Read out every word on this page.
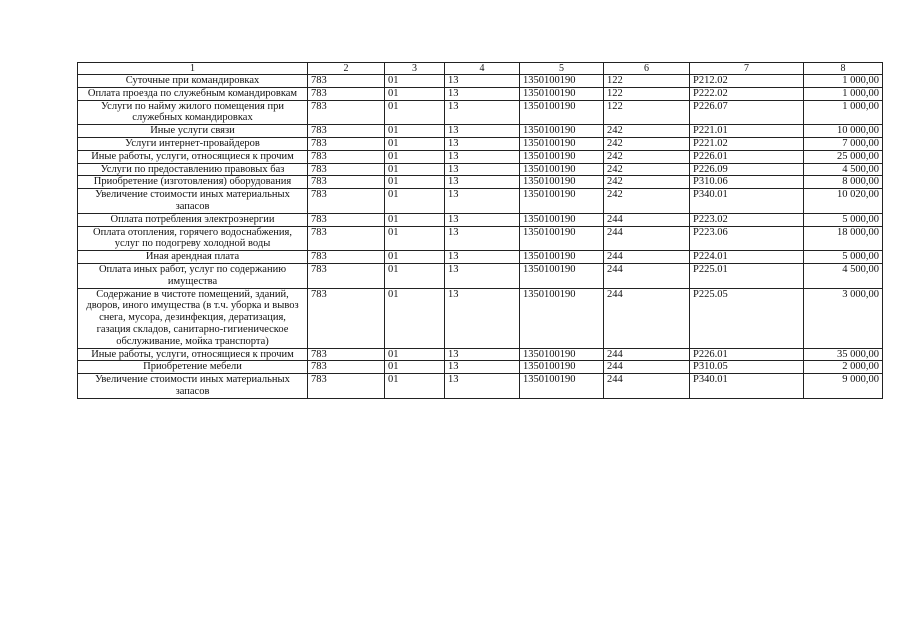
1	2	3	4	5	6	7	8
Суточные при командировках	783	01	13	1350100190	122	Р212.02	1 000,00
Оплата проезда по служебным командировкам	783	01	13	1350100190	122	Р222.02	1 000,00
Услуги по найму жилого помещения при служебных командировках	783	01	13	1350100190	122	Р226.07	1 000,00
Иные услуги связи	783	01	13	1350100190	242	Р221.01	10 000,00
Услуги интернет-провайдеров	783	01	13	1350100190	242	Р221.02	7 000,00
Иные работы, услуги, относящиеся к прочим	783	01	13	1350100190	242	Р226.01	25 000,00
Услуги по предоставлению правовых баз	783	01	13	1350100190	242	Р226.09	4 500,00
Приобретение (изготовления) оборудования	783	01	13	1350100190	242	Р310.06	8 000,00
Увеличение стоимости иных материальных запасов	783	01	13	1350100190	242	Р340.01	10 020,00
Оплата потребления электроэнергии	783	01	13	1350100190	244	Р223.02	5 000,00
Оплата отопления, горячего водоснабжения, услуг по подогреву холодной воды	783	01	13	1350100190	244	Р223.06	18 000,00
Иная арендная плата	783	01	13	1350100190	244	Р224.01	5 000,00
Оплата иных работ, услуг по содержанию имущества	783	01	13	1350100190	244	Р225.01	4 500,00
Содержание в чистоте помещений, зданий, дворов, иного имущества (в т.ч. уборка и вывоз снега, мусора, дезинфекция, дератизация, газация складов, санитарно-гигиеническое обслуживание, мойка транспорта)	783	01	13	1350100190	244	Р225.05	3 000,00
Иные работы, услуги, относящиеся к прочим	783	01	13	1350100190	244	Р226.01	35 000,00
Приобретение мебели	783	01	13	1350100190	244	Р310.05	2 000,00
Увеличение стоимости иных материальных запасов	783	01	13	1350100190	244	Р340.01	9 000,00
